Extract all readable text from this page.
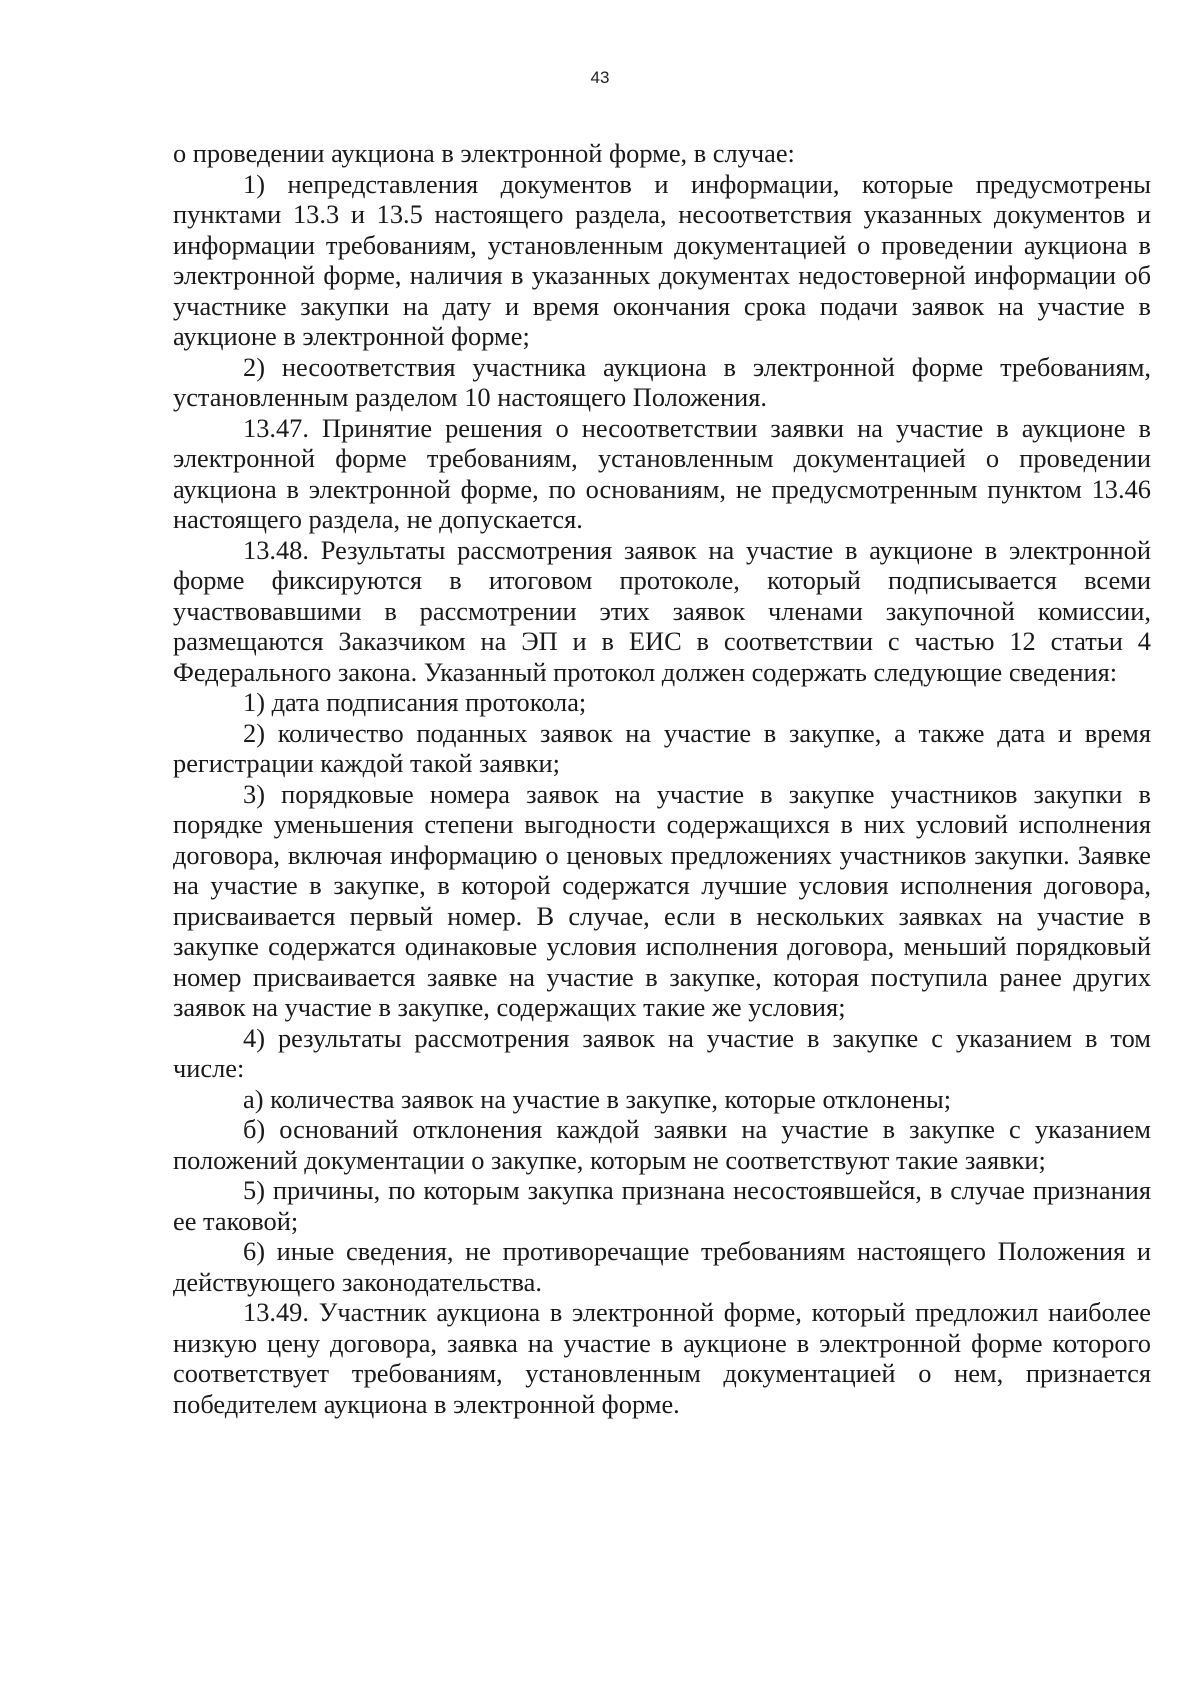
43

о проведении аукциона в электронной форме, в случае:

1) непредставления документов и информации, которые предусмотрены пунктами 13.3 и 13.5 настоящего раздела, несоответствия указанных документов и информации требованиям, установленным документацией о проведении аукциона в электронной форме, наличия в указанных документах недостоверной информации об участнике закупки на дату и время окончания срока подачи заявок на участие в аукционе в электронной форме;

2) несоответствия участника аукциона в электронной форме требованиям, установленным разделом 10 настоящего Положения.

13.47. Принятие решения о несоответствии заявки на участие в аукционе в электронной форме требованиям, установленным документацией о проведении аукциона в электронной форме, по основаниям, не предусмотренным пунктом 13.46 настоящего раздела, не допускается.

13.48. Результаты рассмотрения заявок на участие в аукционе в электронной форме фиксируются в итоговом протоколе, который подписывается всеми участвовавшими в рассмотрении этих заявок членами закупочной комиссии, размещаются Заказчиком на ЭП и в ЕИС в соответствии с частью 12 статьи 4 Федерального закона. Указанный протокол должен содержать следующие сведения:

1) дата подписания протокола;

2) количество поданных заявок на участие в закупке, а также дата и время регистрации каждой такой заявки;

3) порядковые номера заявок на участие в закупке участников закупки в порядке уменьшения степени выгодности содержащихся в них условий исполнения договора, включая информацию о ценовых предложениях участников закупки. Заявке на участие в закупке, в которой содержатся лучшие условия исполнения договора, присваивается первый номер. В случае, если в нескольких заявках на участие в закупке содержатся одинаковые условия исполнения договора, меньший порядковый номер присваивается заявке на участие в закупке, которая поступила ранее других заявок на участие в закупке, содержащих такие же условия;

4) результаты рассмотрения заявок на участие в закупке с указанием в том числе:

а) количества заявок на участие в закупке, которые отклонены;

б) оснований отклонения каждой заявки на участие в закупке с указанием положений документации о закупке, которым не соответствуют такие заявки;

5) причины, по которым закупка признана несостоявшейся, в случае признания ее таковой;

6) иные сведения, не противоречащие требованиям настоящего Положения и действующего законодательства.

13.49. Участник аукциона в электронной форме, который предложил наиболее низкую цену договора, заявка на участие в аукционе в электронной форме которого соответствует требованиям, установленным документацией о нем, признается победителем аукциона в электронной форме.
